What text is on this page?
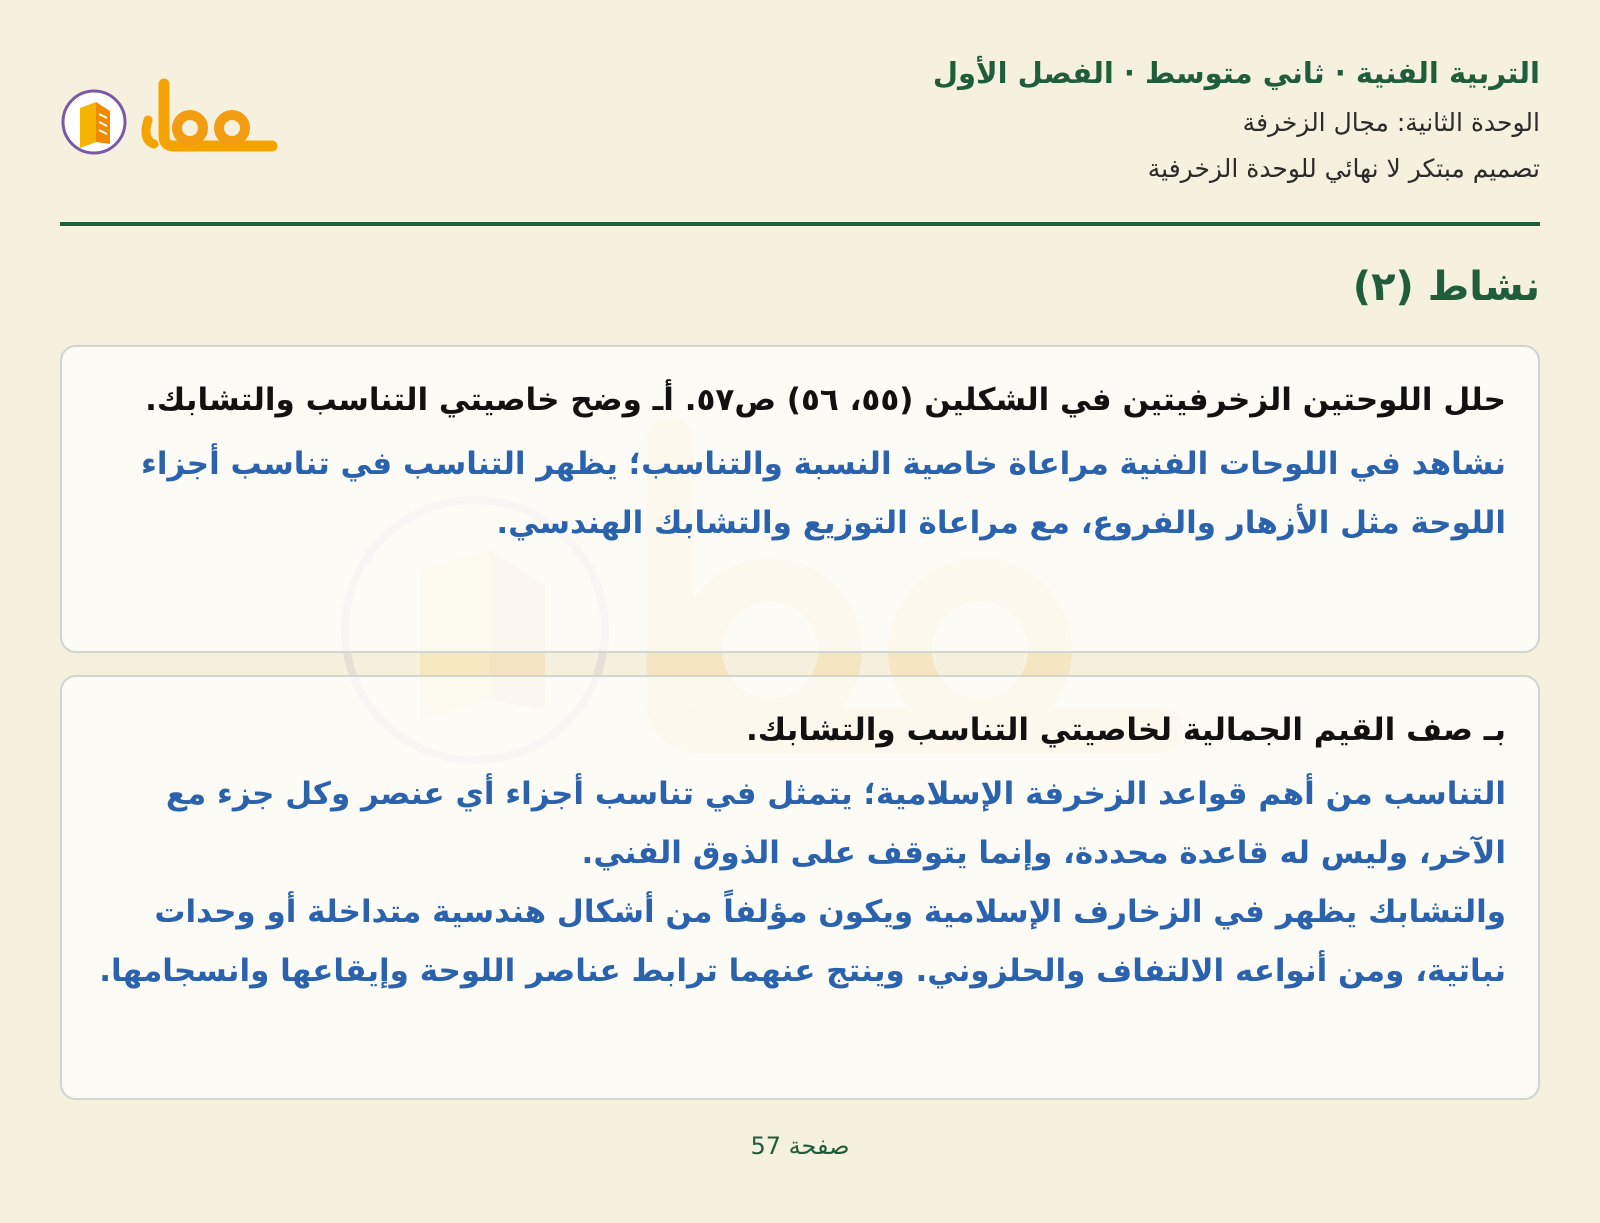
التربية الفنية · ثاني متوسط · الفصل الأول
الوحدة الثانية: مجال الزخرفة
تصميم مبتكر لا نهائي للوحدة الزخرفية
نشاط (٢)

حلل اللوحتين الزخرفيتين في الشكلين (٥٥، ٥٦) ص٥٧. أـ وضح خاصيتي التناسب والتشابك.

نشاهد في اللوحات الفنية مراعاة خاصية النسبة والتناسب؛ يظهر التناسب في تناسب أجزاء اللوحة مثل الأزهار والفروع، مع مراعاة التوزيع والتشابك الهندسي.

بـ صف القيم الجمالية لخاصيتي التناسب والتشابك.

التناسب من أهم قواعد الزخرفة الإسلامية؛ يتمثل في تناسب أجزاء أي عنصر وكل جزء مع الآخر، وليس له قاعدة محددة، وإنما يتوقف على الذوق الفني.

والتشابك يظهر في الزخارف الإسلامية ويكون مؤلفاً من أشكال هندسية متداخلة أو وحدات نباتية، ومن أنواعه الالتفاف والحلزوني. وينتج عنهما ترابط عناصر اللوحة وإيقاعها وانسجامها.

صفحة 57
